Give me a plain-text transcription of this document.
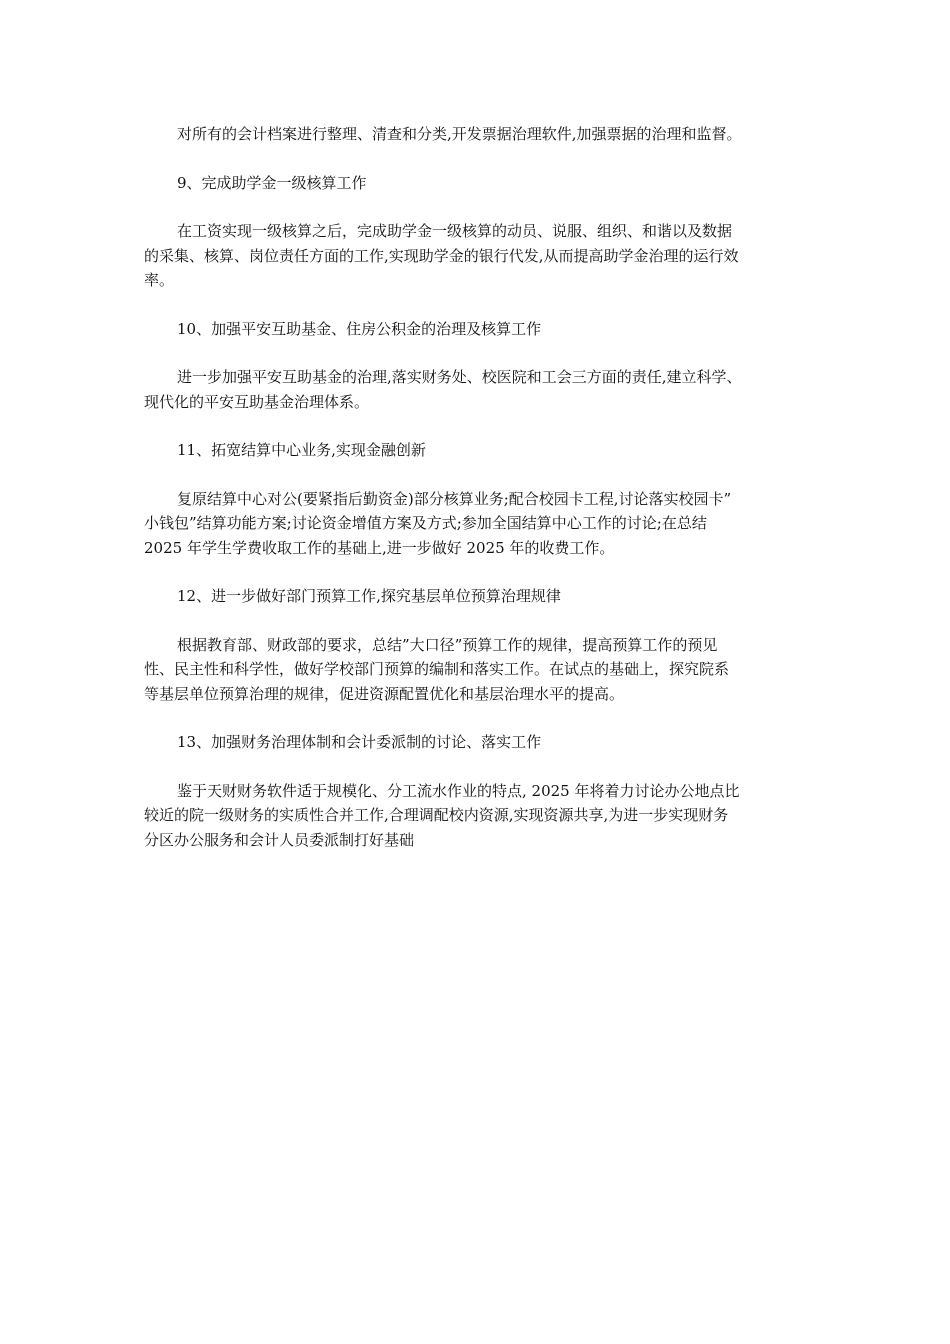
对所有的会计档案进行整理、清查和分类,开发票据治理软件,加强票据的治理和监督。

9、完成助学金一级核算工作

在工资实现一级核算之后，完成助学金一级核算的动员、说服、组织、和谐以及数据
的采集、核算、岗位责任方面的工作,实现助学金的银行代发,从而提高助学金治理的运行效
率。

10、加强平安互助基金、住房公积金的治理及核算工作

进一步加强平安互助基金的治理,落实财务处、校医院和工会三方面的责任,建立科学、
现代化的平安互助基金治理体系。

11、拓宽结算中心业务,实现金融创新

复原结算中心对公(要紧指后勤资金)部分核算业务;配合校园卡工程,讨论落实校园卡”
小钱包”结算功能方案;讨论资金增值方案及方式;参加全国结算中心工作的讨论;在总结
2025 年学生学费收取工作的基础上,进一步做好 2025 年的收费工作。

12、进一步做好部门预算工作,探究基层单位预算治理规律

根据教育部、财政部的要求，总结”大口径”预算工作的规律，提高预算工作的预见
性、民主性和科学性，做好学校部门预算的编制和落实工作。在试点的基础上，探究院系
等基层单位预算治理的规律，促进资源配置优化和基层治理水平的提高。

13、加强财务治理体制和会计委派制的讨论、落实工作

鉴于天财财务软件适于规模化、分工流水作业的特点, 2025 年将着力讨论办公地点比
较近的院一级财务的实质性合并工作,合理调配校内资源,实现资源共享,为进一步实现财务
分区办公服务和会计人员委派制打好基础
